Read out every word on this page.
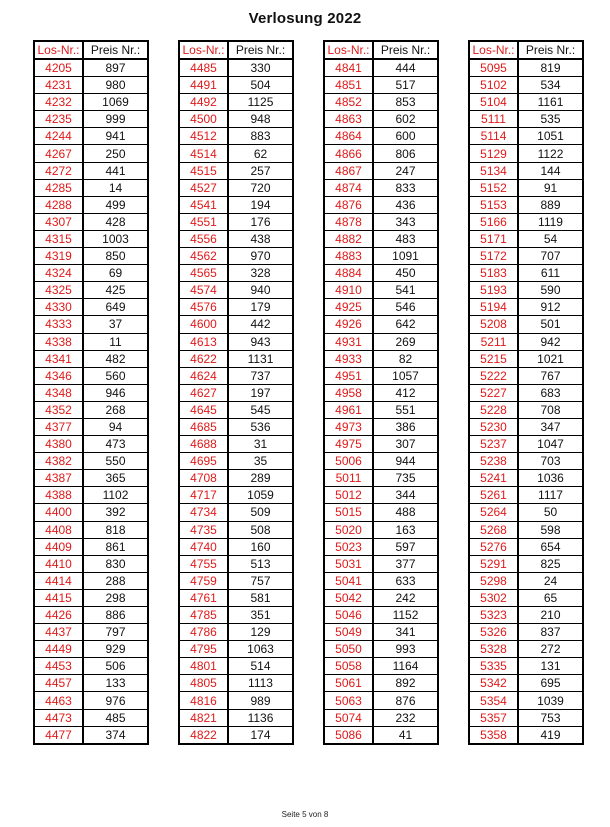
Verlosung 2022
Los-Nr.:	Preis Nr.:
4205	897
4231	980
4232	1069
4235	999
4244	941
4267	250
4272	441
4285	14
4288	499
4307	428
4315	1003
4319	850
4324	69
4325	425
4330	649
4333	37
4338	11
4341	482
4346	560
4348	946
4352	268
4377	94
4380	473
4382	550
4387	365
4388	1102
4400	392
4408	818
4409	861
4410	830
4414	288
4415	298
4426	886
4437	797
4449	929
4453	506
4457	133
4463	976
4473	485
4477	374
Los-Nr.:	Preis Nr.:
4485	330
4491	504
4492	1125
4500	948
4512	883
4514	62
4515	257
4527	720
4541	194
4551	176
4556	438
4562	970
4565	328
4574	940
4576	179
4600	442
4613	943
4622	1131
4624	737
4627	197
4645	545
4685	536
4688	31
4695	35
4708	289
4717	1059
4734	509
4735	508
4740	160
4755	513
4759	757
4761	581
4785	351
4786	129
4795	1063
4801	514
4805	1113
4816	989
4821	1136
4822	174
Los-Nr.:	Preis Nr.:
4841	444
4851	517
4852	853
4863	602
4864	600
4866	806
4867	247
4874	833
4876	436
4878	343
4882	483
4883	1091
4884	450
4910	541
4925	546
4926	642
4931	269
4933	82
4951	1057
4958	412
4961	551
4973	386
4975	307
5006	944
5011	735
5012	344
5015	488
5020	163
5023	597
5031	377
5041	633
5042	242
5046	1152
5049	341
5050	993
5058	1164
5061	892
5063	876
5074	232
5086	41
Los-Nr.:	Preis Nr.:
5095	819
5102	534
5104	1161
5111	535
5114	1051
5129	1122
5134	144
5152	91
5153	889
5166	1119
5171	54
5172	707
5183	611
5193	590
5194	912
5208	501
5211	942
5215	1021
5222	767
5227	683
5228	708
5230	347
5237	1047
5238	703
5241	1036
5261	1117
5264	50
5268	598
5276	654
5291	825
5298	24
5302	65
5323	210
5326	837
5328	272
5335	131
5342	695
5354	1039
5357	753
5358	419
Seite 5 von 8
